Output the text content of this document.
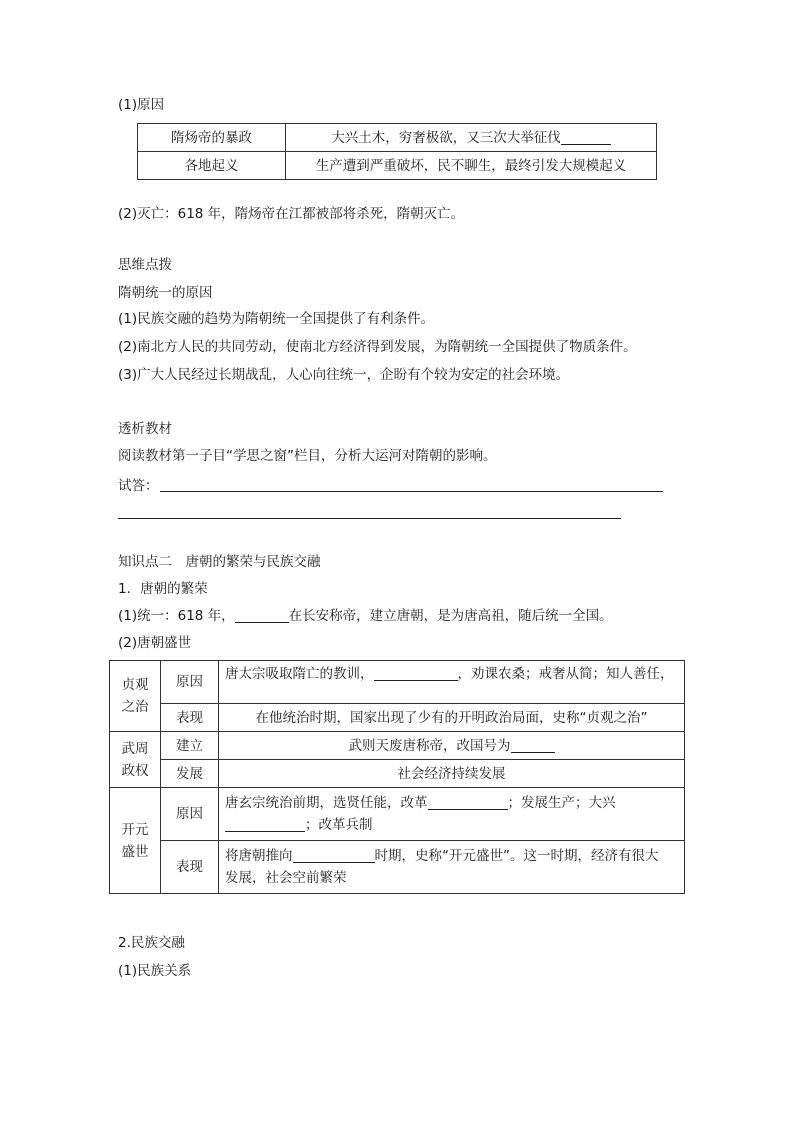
(1)原因
隋炀帝的暴政	大兴土木，穷奢极欲，又三次大举征伐
各地起义	生产遭到严重破坏，民不聊生，最终引发大规模起义
(2)灭亡：618 年，隋炀帝在江都被部将杀死，隋朝灭亡。
思维点拨
隋朝统一的原因
(1)民族交融的趋势为隋朝统一全国提供了有利条件。
(2)南北方人民的共同劳动，使南北方经济得到发展，为隋朝统一全国提供了物质条件。
(3)广大人民经过长期战乱，人心向往统一，企盼有个较为安定的社会环境。
透析教材
阅读教材第一子目“学思之窗”栏目，分析大运河对隋朝的影响。
试答：
知识点二　唐朝的繁荣与民族交融
1．唐朝的繁荣
(1)统一：618 年，	在长安称帝，建立唐朝，是为唐高祖，随后统一全国。
(2)唐朝盛世
贞观
之治	原因	唐太宗吸取隋亡的教训， ，劝课农桑；戒奢从简；知人善任，
	表现	在他统治时期，国家出现了少有的开明政治局面，史称“贞观之治”
武周
政权	建立	武则天废唐称帝，改国号为
	发展	社会经济持续发展
开元
盛世	原因	唐玄宗统治前期，选贤任能，改革 ；发展生产；大兴
；改革兵制
	表现	将唐朝推向 时期，史称“开元盛世”。这一时期，经济有很大
发展，社会空前繁荣
2.民族交融
(1)民族关系
